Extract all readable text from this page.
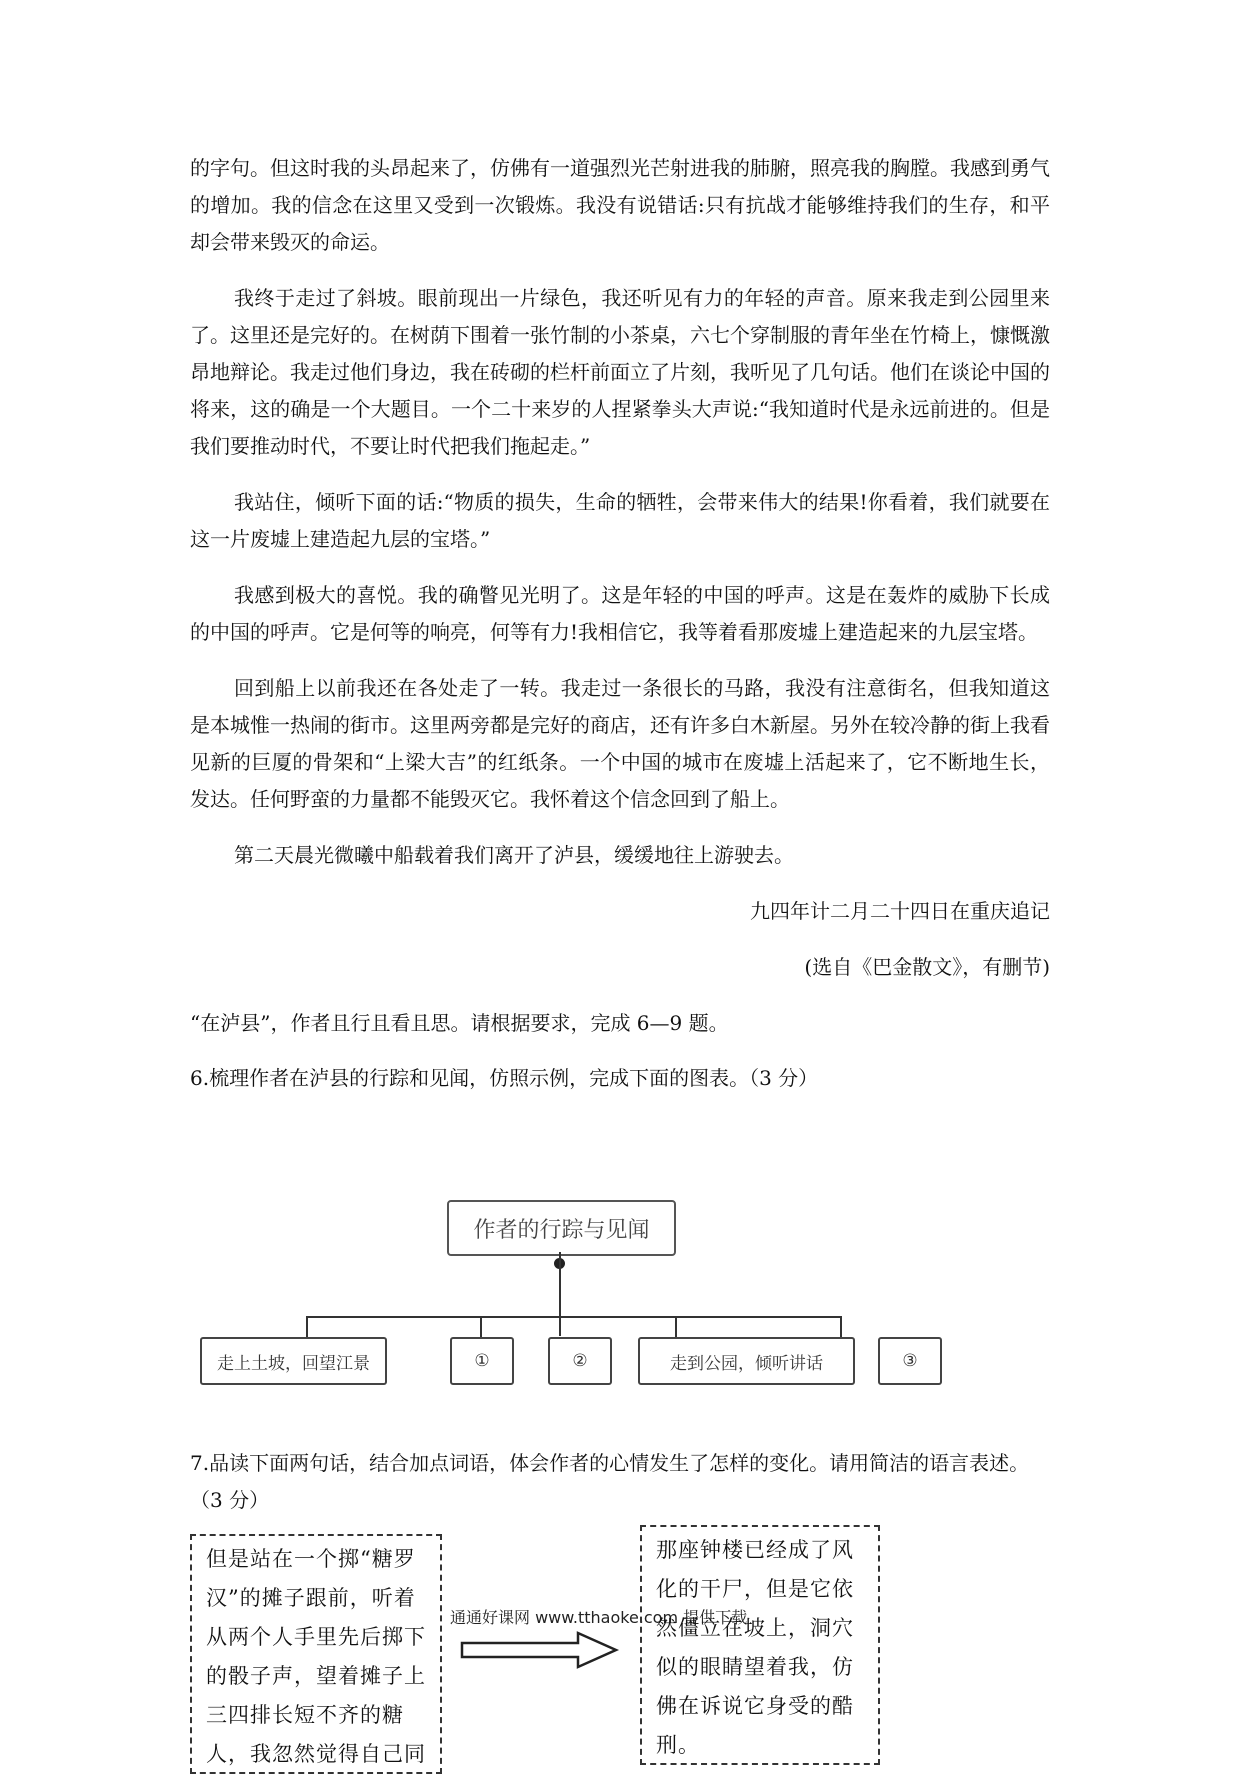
的字句。但这时我的头昂起来了，仿佛有一道强烈光芒射进我的肺腑，照亮我的胸膛。我感到勇气的增加。我的信念在这里又受到一次锻炼。我没有说错话:只有抗战才能够维持我们的生存，和平却会带来毁灭的命运。

我终于走过了斜坡。眼前现出一片绿色，我还听见有力的年轻的声音。原来我走到公园里来了。这里还是完好的。在树荫下围着一张竹制的小茶桌，六七个穿制服的青年坐在竹椅上，慷慨激昂地辩论。我走过他们身边，我在砖砌的栏杆前面立了片刻，我听见了几句话。他们在谈论中国的将来，这的确是一个大题目。一个二十来岁的人捏紧拳头大声说:“我知道时代是永远前进的。但是我们要推动时代，不要让时代把我们拖起走。”

我站住，倾听下面的话:“物质的损失，生命的牺牲，会带来伟大的结果!你看着，我们就要在这一片废墟上建造起九层的宝塔。”

我感到极大的喜悦。我的确瞥见光明了。这是年轻的中国的呼声。这是在轰炸的威胁下长成的中国的呼声。它是何等的响亮，何等有力!我相信它，我等着看那废墟上建造起来的九层宝塔。

回到船上以前我还在各处走了一转。我走过一条很长的马路，我没有注意街名，但我知道这是本城惟一热闹的街市。这里两旁都是完好的商店，还有许多白木新屋。另外在较冷静的街上我看见新的巨厦的骨架和“上梁大吉”的红纸条。一个中国的城市在废墟上活起来了，它不断地生长，发达。任何野蛮的力量都不能毁灭它。我怀着这个信念回到了船上。

第二天晨光微曦中船载着我们离开了泸县，缓缓地往上游驶去。

九四年计二月二十四日在重庆追记

(选自《巴金散文》，有删节)

“在泸县”，作者且行且看且思。请根据要求，完成 6—9 题。

6.梳理作者在泸县的行踪和见闻，仿照示例，完成下面的图表。（3 分）

作者的行踪与见闻
走上土坡，回望江景	①	②	走到公园，倾听讲话	③

7.品读下面两句话，结合加点词语，体会作者的心情发生了怎样的变化。请用简洁的语言表述。（3 分）

但是站在一个掷“糖罗汉”的摊子跟前，听着从两个人手里先后掷下的骰子声，望着摊子上三四排长短不齐的糖人，我忽然觉得自己同
通通好课网 www.tthaoke.com 提供下载
那座钟楼已经成了风化的干尸，但是它依然僵立在坡上，洞穴似的眼睛望着我，仿佛在诉说它身受的酷刑。
